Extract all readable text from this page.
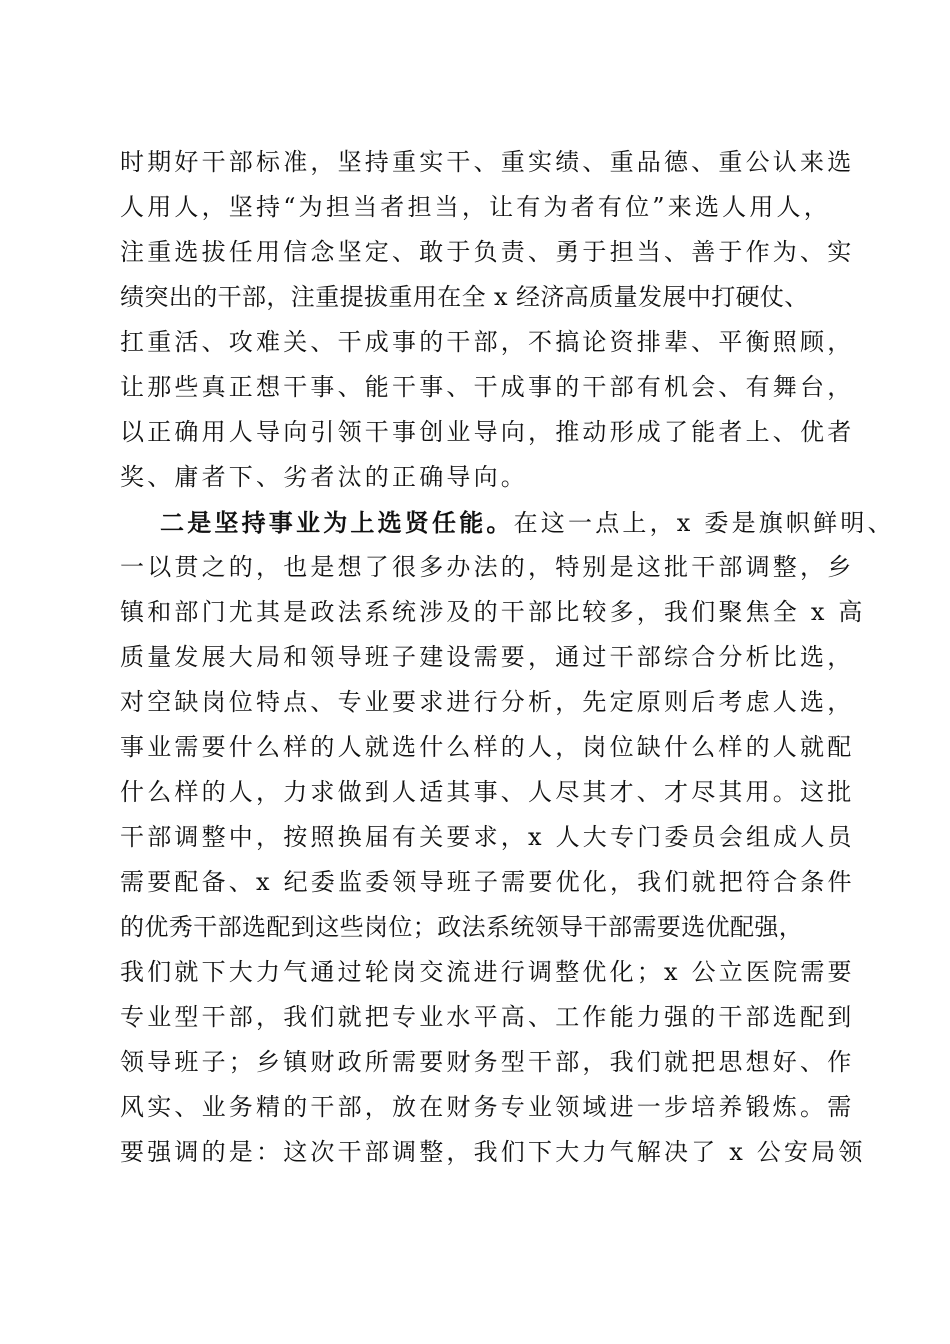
时期好干部标准，坚持重实干、重实绩、重品德、重公认来选
人用人，坚持“为担当者担当，让有为者有位”来选人用人，
注重选拔任用信念坚定、敢于负责、勇于担当、善于作为、实
绩突出的干部，注重提拔重用在全 x 经济高质量发展中打硬仗、
扛重活、攻难关、干成事的干部，不搞论资排辈、平衡照顾，
让那些真正想干事、能干事、干成事的干部有机会、有舞台，
以正确用人导向引领干事创业导向，推动形成了能者上、优者
奖、庸者下、劣者汰的正确导向。
二是坚持事业为上选贤任能。在这一点上，x 委是旗帜鲜明、
一以贯之的，也是想了很多办法的，特别是这批干部调整，乡
镇和部门尤其是政法系统涉及的干部比较多，我们聚焦全 x 高
质量发展大局和领导班子建设需要，通过干部综合分析比选，
对空缺岗位特点、专业要求进行分析，先定原则后考虑人选，
事业需要什么样的人就选什么样的人，岗位缺什么样的人就配
什么样的人，力求做到人适其事、人尽其才、才尽其用。这批
干部调整中，按照换届有关要求，x 人大专门委员会组成人员
需要配备、x 纪委监委领导班子需要优化，我们就把符合条件
的优秀干部选配到这些岗位；政法系统领导干部需要选优配强，
我们就下大力气通过轮岗交流进行调整优化；x 公立医院需要
专业型干部，我们就把专业水平高、工作能力强的干部选配到
领导班子；乡镇财政所需要财务型干部，我们就把思想好、作
风实、业务精的干部，放在财务专业领域进一步培养锻炼。需
要强调的是：这次干部调整，我们下大力气解决了 x 公安局领
